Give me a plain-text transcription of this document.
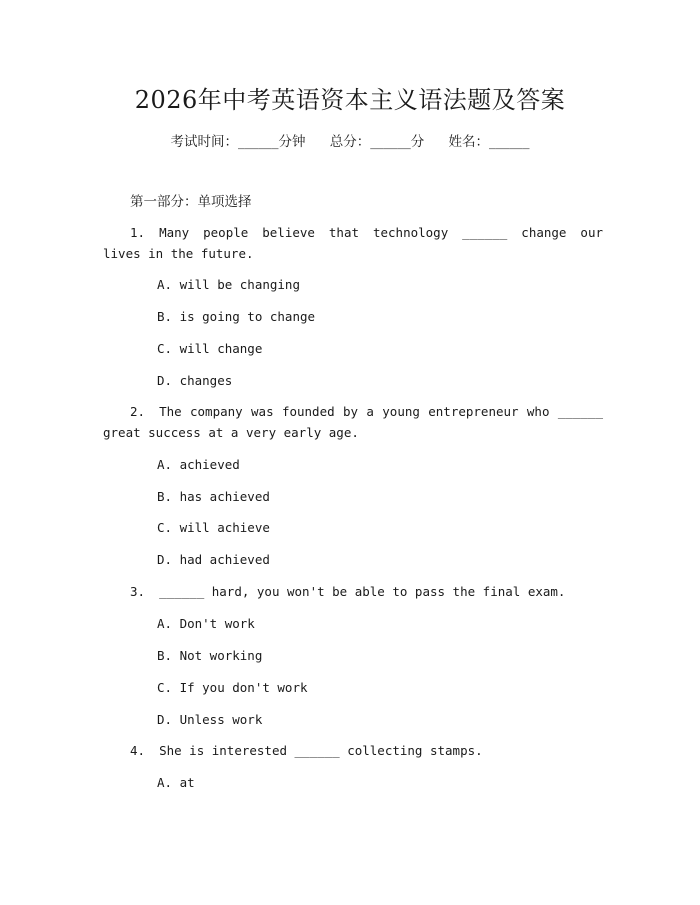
2026年中考英语资本主义语法题及答案
考试时间：______分钟 总分：______分 姓名：______
第一部分：单项选择
1. Many people believe that technology ______ change our lives in the future.
A. will be changing
B. is going to change
C. will change
D. changes
2. The company was founded by a young entrepreneur who ______ great success at a very early age.
A. achieved
B. has achieved
C. will achieve
D. had achieved
3. ______ hard, you won't be able to pass the final exam.
A. Don't work
B. Not working
C. If you don't work
D. Unless work
4. She is interested ______ collecting stamps.
A. at
